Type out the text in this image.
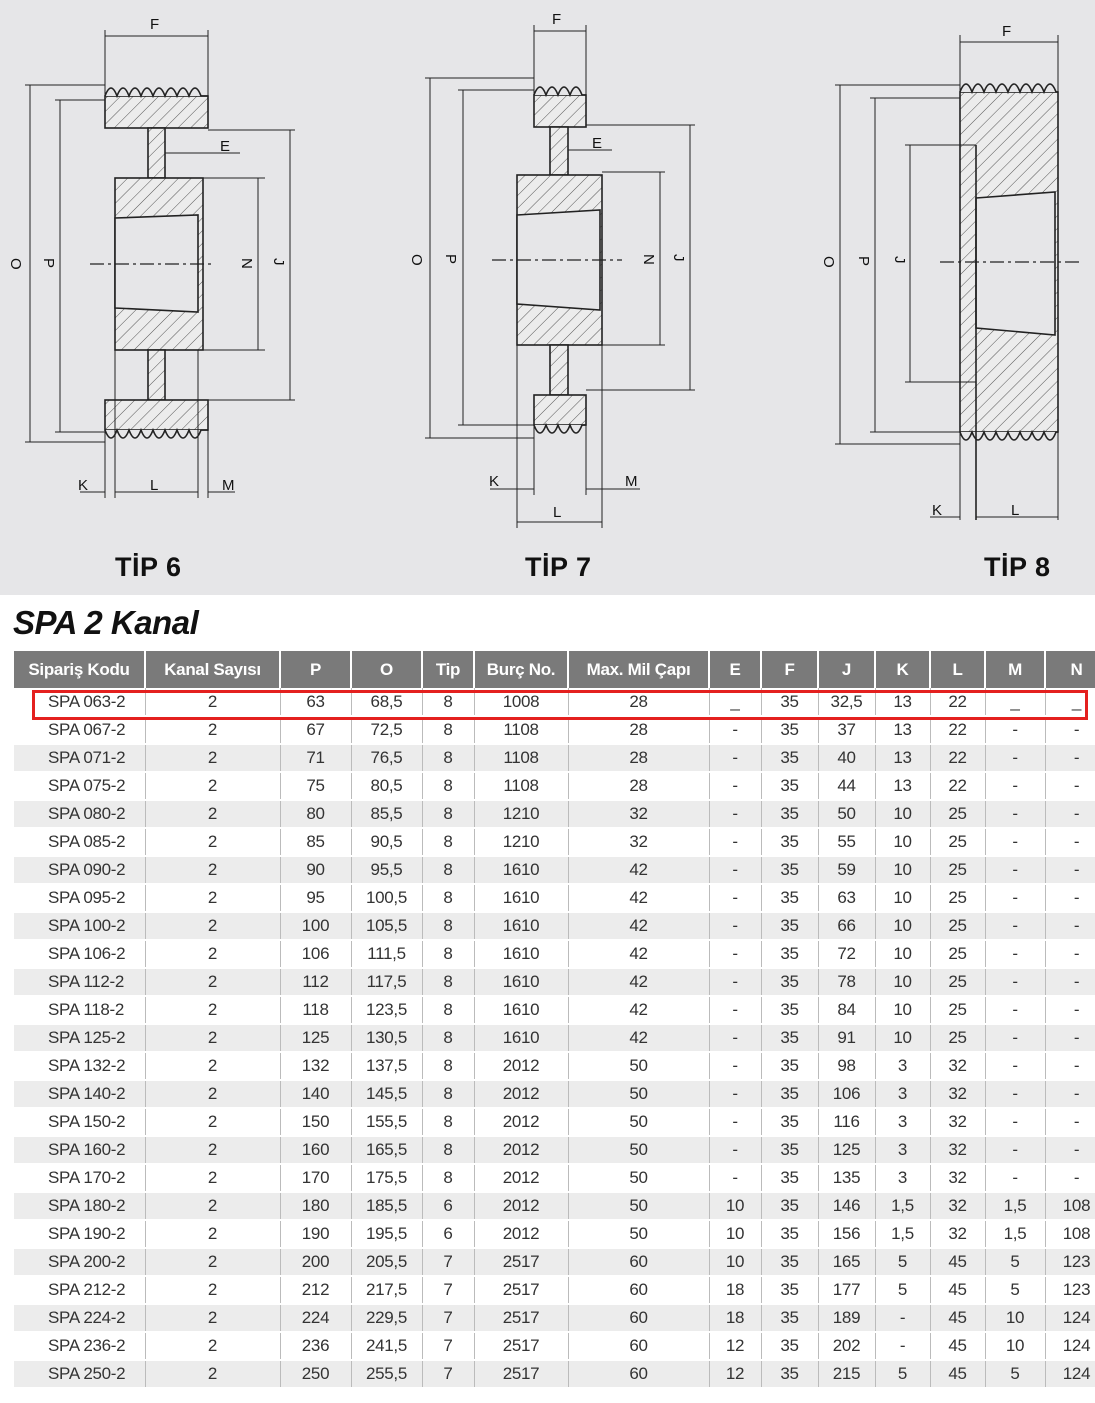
F
E
O P	N J
K	L	M
F
E
O P	N J
K
L
M
F
O P J
K	L
TİP 6	TİP 7	TİP 8
SPA 2 Kanal
Sipariş Kodu	Kanal Sayısı	P	O	Tip	Burç No.	Max. Mil Çapı	E	F	J	K	L	M	N
SPA 063-2	2	63	68,5	8	1008	28	_	35	32,5	13	22	_	_
SPA 067-2	2	67	72,5	8	1108	28	-	35	37	13	22	-	-
SPA 071-2	2	71	76,5	8	1108	28	-	35	40	13	22	-	-
SPA 075-2	2	75	80,5	8	1108	28	-	35	44	13	22	-	-
SPA 080-2	2	80	85,5	8	1210	32	-	35	50	10	25	-	-
SPA 085-2	2	85	90,5	8	1210	32	-	35	55	10	25	-	-
SPA 090-2	2	90	95,5	8	1610	42	-	35	59	10	25	-	-
SPA 095-2	2	95	100,5	8	1610	42	-	35	63	10	25	-	-
SPA 100-2	2	100	105,5	8	1610	42	-	35	66	10	25	-	-
SPA 106-2	2	106	111,5	8	1610	42	-	35	72	10	25	-	-
SPA 112-2	2	112	117,5	8	1610	42	-	35	78	10	25	-	-
SPA 118-2	2	118	123,5	8	1610	42	-	35	84	10	25	-	-
SPA 125-2	2	125	130,5	8	1610	42	-	35	91	10	25	-	-
SPA 132-2	2	132	137,5	8	2012	50	-	35	98	3	32	-	-
SPA 140-2	2	140	145,5	8	2012	50	-	35	106	3	32	-	-
SPA 150-2	2	150	155,5	8	2012	50	-	35	116	3	32	-	-
SPA 160-2	2	160	165,5	8	2012	50	-	35	125	3	32	-	-
SPA 170-2	2	170	175,5	8	2012	50	-	35	135	3	32	-	-
SPA 180-2	2	180	185,5	6	2012	50	10	35	146	1,5	32	1,5	108
SPA 190-2	2	190	195,5	6	2012	50	10	35	156	1,5	32	1,5	108
SPA 200-2	2	200	205,5	7	2517	60	10	35	165	5	45	5	123
SPA 212-2	2	212	217,5	7	2517	60	18	35	177	5	45	5	123
SPA 224-2	2	224	229,5	7	2517	60	18	35	189	-	45	10	124
SPA 236-2	2	236	241,5	7	2517	60	12	35	202	-	45	10	124
SPA 250-2	2	250	255,5	7	2517	60	12	35	215	5	45	5	124
